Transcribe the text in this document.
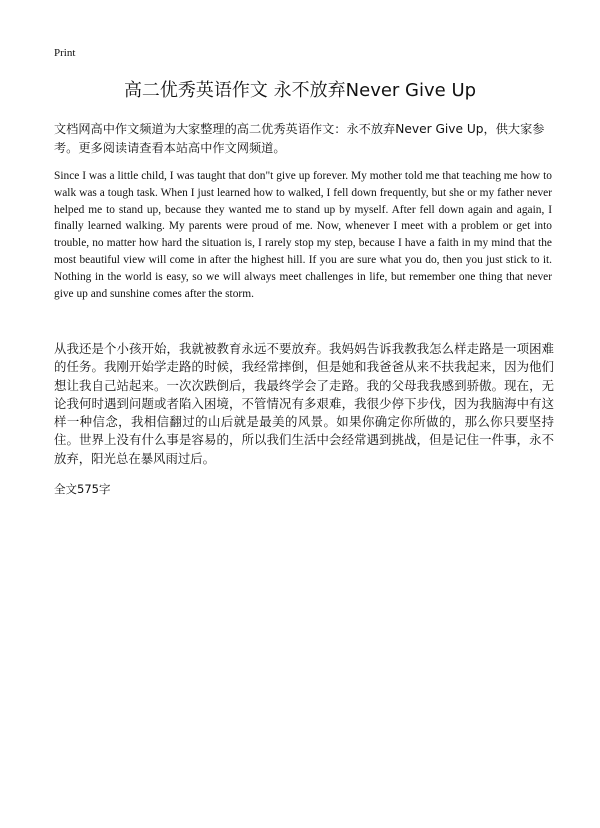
Print
高二优秀英语作文 永不放弃Never Give Up
文档网高中作文频道为大家整理的高二优秀英语作文：永不放弃Never Give Up，供大家参考。更多阅读请查看本站高中作文网频道。
Since I was a little child, I was taught that don"t give up forever. My mother told me that teaching me how to walk was a tough task. When I just learned how to walked, I fell down frequently, but she or my father never helped me to stand up, because they wanted me to stand up by myself. After fell down again and again, I finally learned walking. My parents were proud of me. Now, whenever I meet with a problem or get into trouble, no matter how hard the situation is, I rarely stop my step, because I have a faith in my mind that the most beautiful view will come in after the highest hill. If you are sure what you do, then you just stick to it. Nothing in the world is easy, so we will always meet challenges in life, but remember one thing that never give up and sunshine comes after the storm.
从我还是个小孩开始，我就被教育永远不要放弃。我妈妈告诉我教我怎么样走路是一项困难的任务。我刚开始学走路的时候，我经常摔倒，但是她和我爸爸从来不扶我起来，因为他们想让我自己站起来。一次次跌倒后，我最终学会了走路。我的父母我我感到骄傲。现在，无论我何时遇到问题或者陷入困境，不管情况有多艰难，我很少停下步伐，因为我脑海中有这样一种信念，我相信翻过的山后就是最美的风景。如果你确定你所做的，那么你只要坚持住。世界上没有什么事是容易的，所以我们生活中会经常遇到挑战，但是记住一件事，永不放弃，阳光总在暴风雨过后。
全文575字
